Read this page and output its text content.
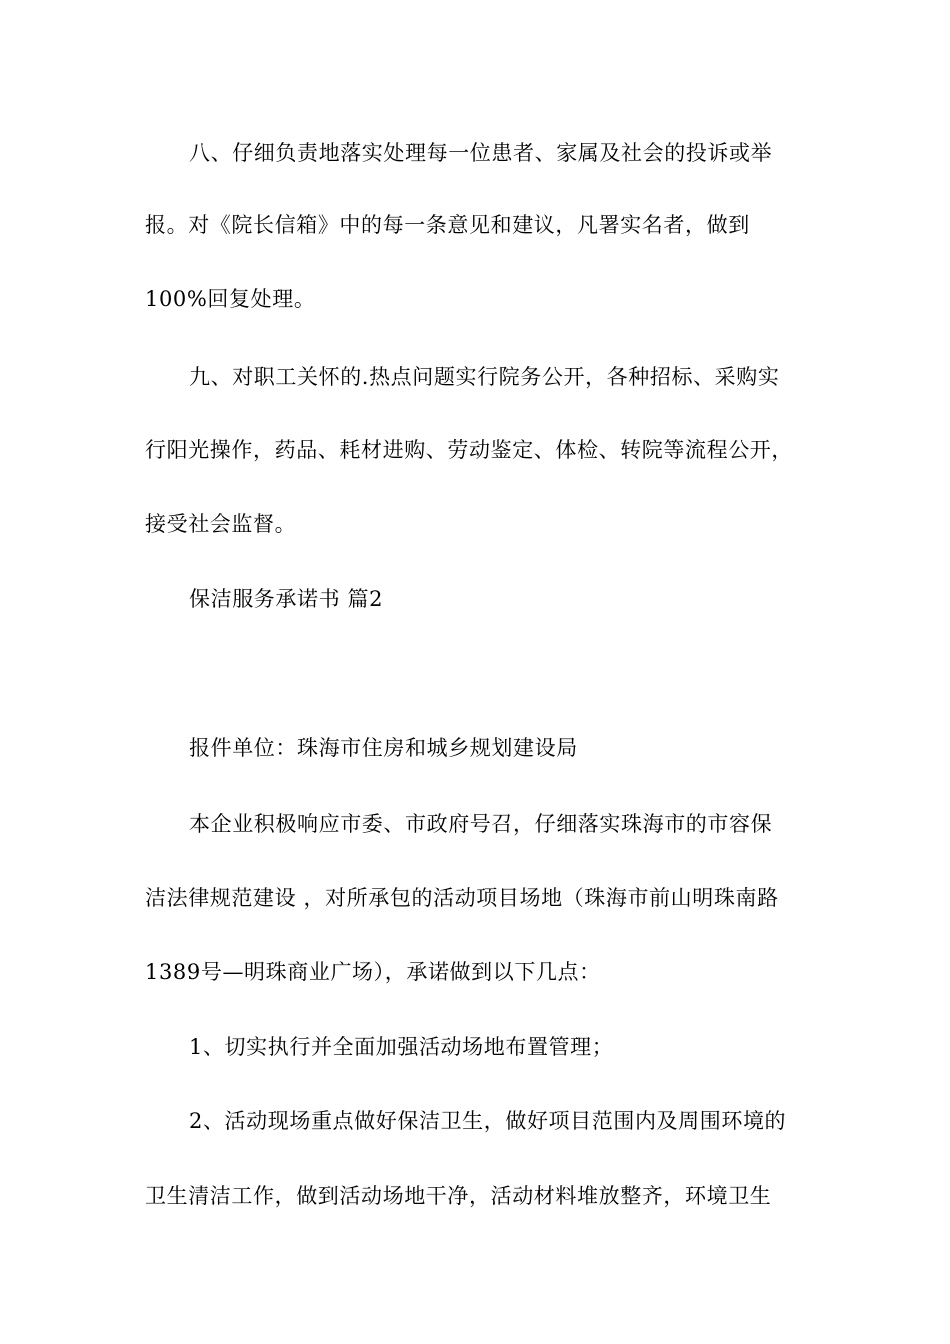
八、仔细负责地落实处理每一位患者、家属及社会的投诉或举
报。对《院长信箱》中的每一条意见和建议，凡署实名者，做到
100%回复处理。
九、对职工关怀的.热点问题实行院务公开，各种招标、采购实
行阳光操作，药品、耗材进购、劳动鉴定、体检、转院等流程公开，
接受社会监督。
保洁服务承诺书 篇2
报件单位：珠海市住房和城乡规划建设局
本企业积极响应市委、市政府号召，仔细落实珠海市的市容保
洁法律规范建设 ，对所承包的活动项目场地（珠海市前山明珠南路
1389号—明珠商业广场），承诺做到以下几点：
1、切实执行并全面加强活动场地布置管理；
2、活动现场重点做好保洁卫生，做好项目范围内及周围环境的
卫生清洁工作，做到活动场地干净，活动材料堆放整齐，环境卫生
